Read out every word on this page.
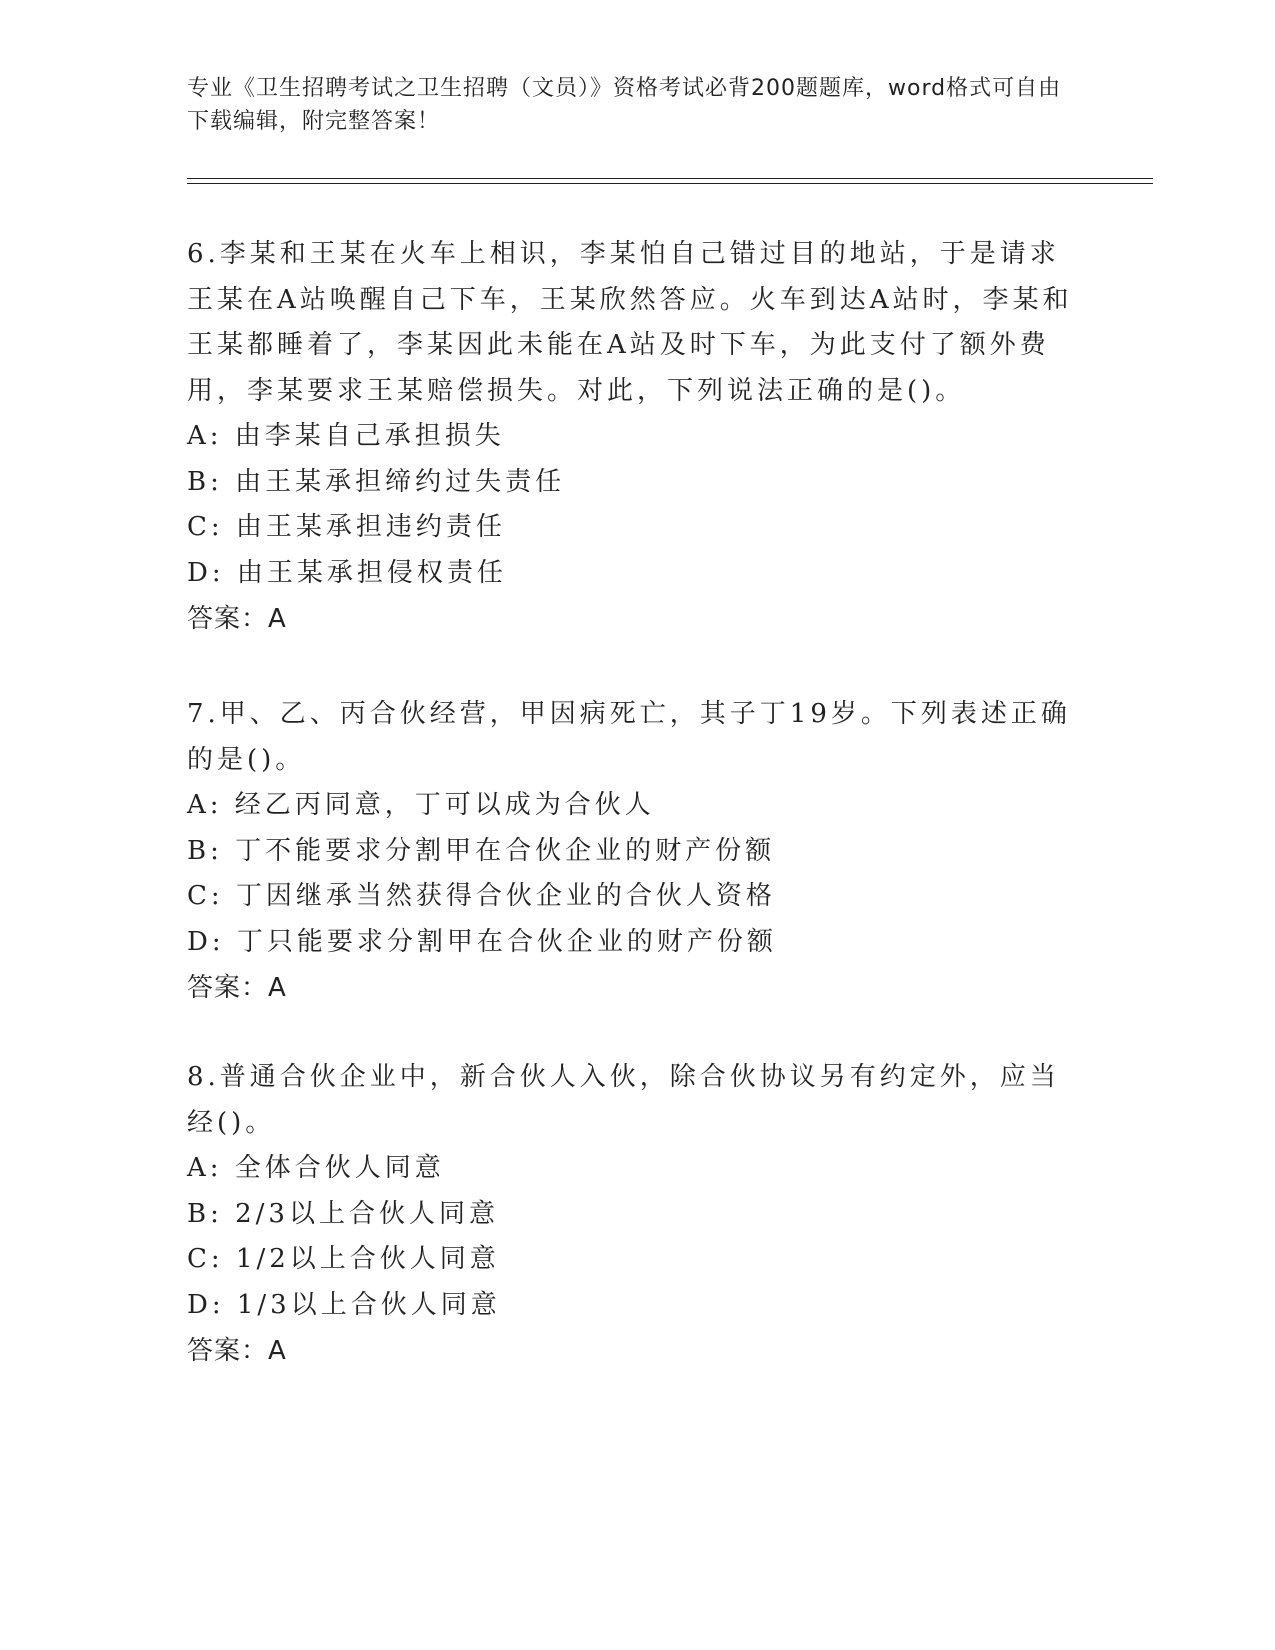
专业《卫生招聘考试之卫生招聘（文员）》资格考试必背200题题库，word格式可自由下载编辑，附完整答案！

6.李某和王某在火车上相识，李某怕自己错过目的地站，于是请求王某在A站唤醒自己下车，王某欣然答应。火车到达A站时，李某和王某都睡着了，李某因此未能在A站及时下车，为此支付了额外费用，李某要求王某赔偿损失。对此，下列说法正确的是()。

A: 由李某自己承担损失

B: 由王某承担缔约过失责任

C: 由王某承担违约责任

D: 由王某承担侵权责任

答案：A

7.甲、乙、丙合伙经营，甲因病死亡，其子丁19岁。下列表述正确的是()。

A: 经乙丙同意，丁可以成为合伙人

B: 丁不能要求分割甲在合伙企业的财产份额

C: 丁因继承当然获得合伙企业的合伙人资格

D: 丁只能要求分割甲在合伙企业的财产份额

答案：A

8.普通合伙企业中，新合伙人入伙，除合伙协议另有约定外，应当经()。

A: 全体合伙人同意

B: 2/3以上合伙人同意

C: 1/2以上合伙人同意

D: 1/3以上合伙人同意

答案：A
